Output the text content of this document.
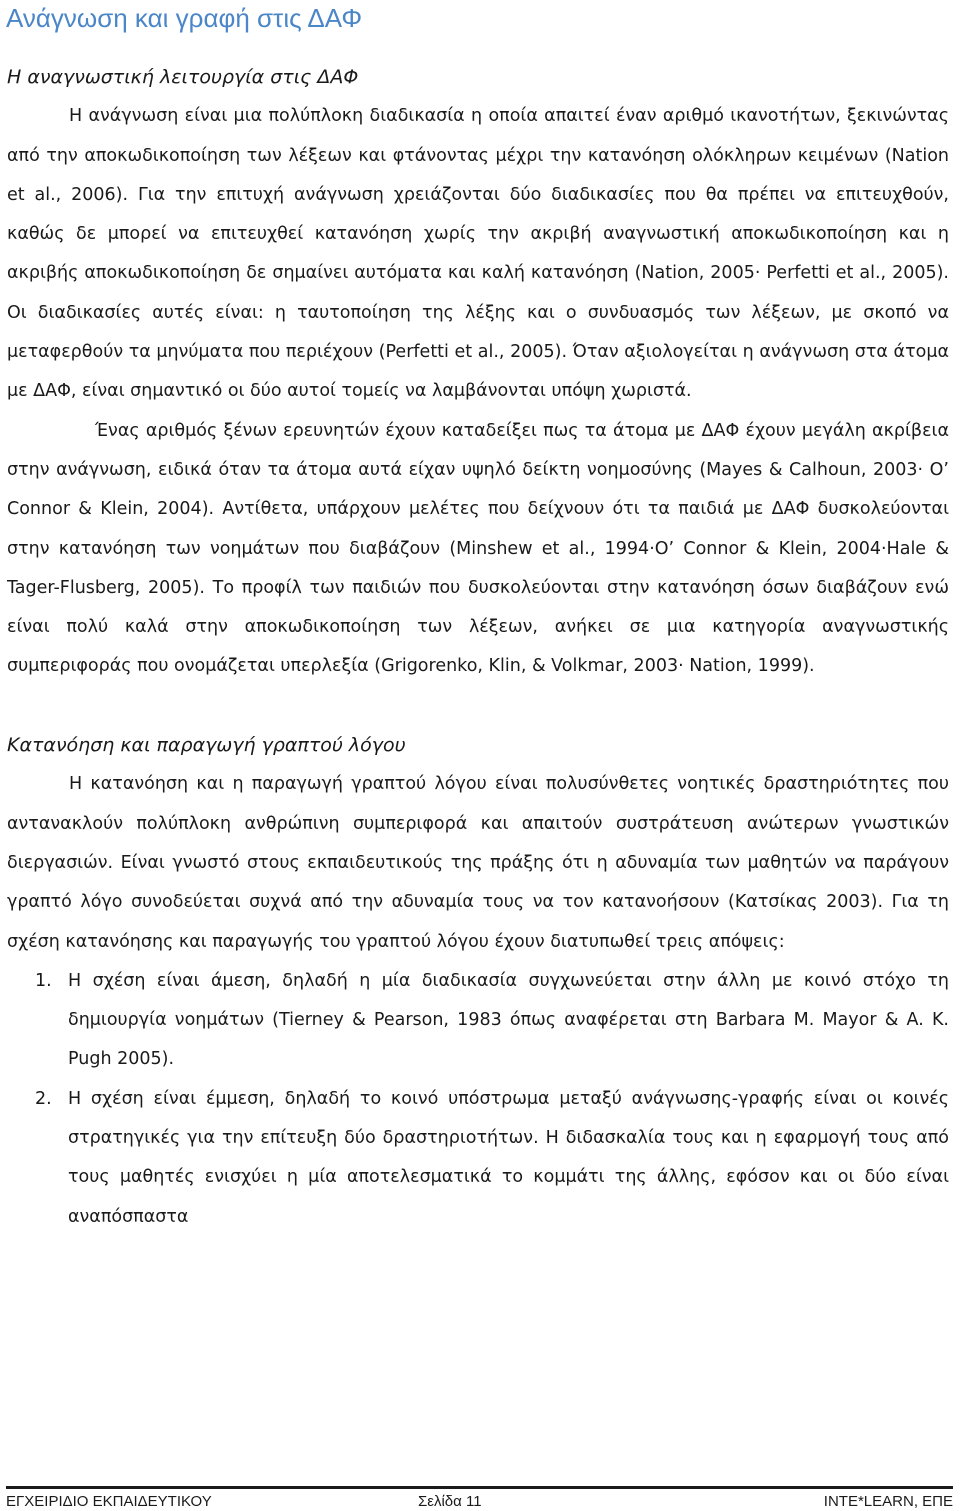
Ανάγνωση και γραφή στις ΔΑΦ
Η αναγνωστική λειτουργία στις ΔΑΦ

Η ανάγνωση είναι μια πολύπλοκη διαδικασία η οποία απαιτεί έναν αριθμό ικανοτήτων, ξεκινώντας από την αποκωδικοποίηση των λέξεων και φτάνοντας μέχρι την κατανόηση ολόκληρων κειμένων (Nation et al., 2006). Για την επιτυχή ανάγνωση χρειάζονται δύο διαδικασίες που θα πρέπει να επιτευχθούν, καθώς δε μπορεί να επιτευχθεί κατανόηση χωρίς την ακριβή αναγνωστική αποκωδικοποίηση και η ακριβής αποκωδικοποίηση δε σημαίνει αυτόματα και καλή κατανόηση (Nation, 2005· Perfetti et al., 2005). Οι διαδικασίες αυτές είναι: η ταυτοποίηση της λέξης και ο συνδυασμός των λέξεων, με σκοπό να μεταφερθούν τα μηνύματα που περιέχουν (Perfetti et al., 2005). Όταν αξιολογείται η ανάγνωση στα άτομα με ΔΑΦ, είναι σημαντικό οι δύο αυτοί τομείς να λαμβάνονται υπόψη χωριστά.

Ένας αριθμός ξένων ερευνητών έχουν καταδείξει πως τα άτομα με ΔΑΦ έχουν μεγάλη ακρίβεια στην ανάγνωση, ειδικά όταν τα άτομα αυτά είχαν υψηλό δείκτη νοημοσύνης (Mayes & Calhoun, 2003· O’ Connor & Klein, 2004). Αντίθετα, υπάρχουν μελέτες που δείχνουν ότι τα παιδιά με ΔΑΦ δυσκολεύονται στην κατανόηση των νοημάτων που διαβάζουν (Minshew et al., 1994·O’ Connor & Klein, 2004·Hale & Tager-Flusberg, 2005). Το προφίλ των παιδιών που δυσκολεύονται στην κατανόηση όσων διαβάζουν ενώ είναι πολύ καλά στην αποκωδικοποίηση των λέξεων, ανήκει σε μια κατηγορία αναγνωστικής συμπεριφοράς που ονομάζεται υπερλεξία (Grigorenko, Klin, & Volkmar, 2003· Nation, 1999).

Κατανόηση και παραγωγή γραπτού λόγου

Η κατανόηση και η παραγωγή γραπτού λόγου είναι πολυσύνθετες νοητικές δραστηριότητες που αντανακλούν πολύπλοκη ανθρώπινη συμπεριφορά και απαιτούν συστράτευση ανώτερων γνωστικών διεργασιών. Είναι γνωστό στους εκπαιδευτικούς της πράξης ότι η αδυναμία των μαθητών να παράγουν γραπτό λόγο συνοδεύεται συχνά από την αδυναμία τους να τον κατανοήσουν (Κατσίκας 2003). Για τη σχέση κατανόησης και παραγωγής του γραπτού λόγου έχουν διατυπωθεί τρεις απόψεις:

1. Η σχέση είναι άμεση, δηλαδή η μία διαδικασία συγχωνεύεται στην άλλη με κοινό στόχο τη δημιουργία νοημάτων (Tierney & Pearson, 1983 όπως αναφέρεται στη Barbara M. Mayor & A. K. Pugh 2005).
2. Η σχέση είναι έμμεση, δηλαδή το κοινό υπόστρωμα μεταξύ ανάγνωσης-γραφής είναι οι κοινές στρατηγικές για την επίτευξη δύο δραστηριοτήτων. Η διδασκαλία τους και η εφαρμογή τους από τους μαθητές ενισχύει η μία αποτελεσματικά το κομμάτι της άλλης, εφόσον και οι δύο είναι αναπόσπαστα
ΕΓΧΕΙΡΙΔΙΟ ΕΚΠΑΙΔΕΥΤΙΚΟΥ	Σελίδα 11	INTE*LEARN, ΕΠΕ
